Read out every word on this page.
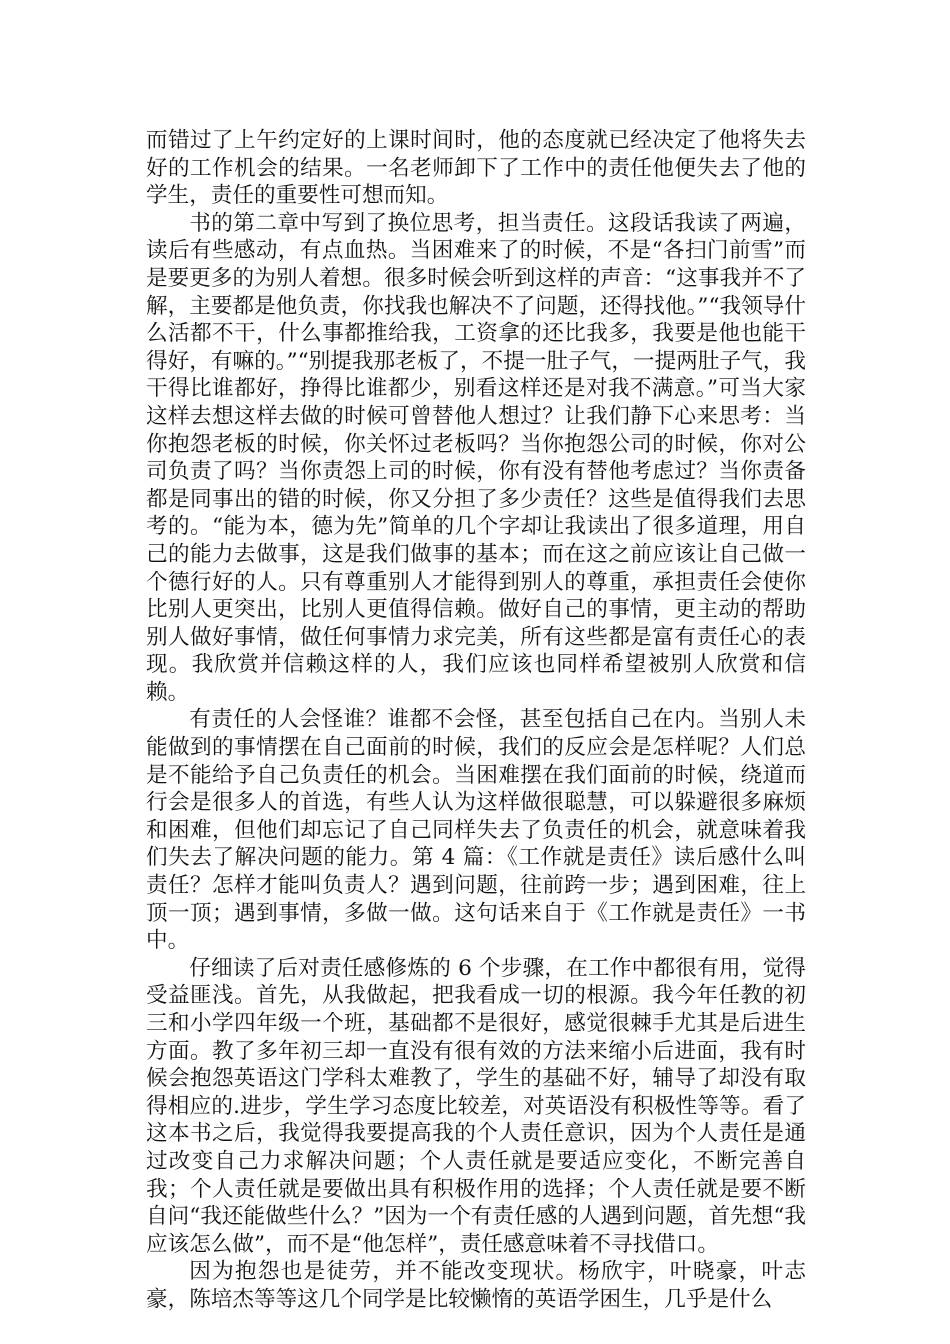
而错过了上午约定好的上课时间时，他的态度就已经决定了他将失去好的工作机会的结果。一名老师卸下了工作中的责任他便失去了他的学生，责任的重要性可想而知。

书的第二章中写到了换位思考，担当责任。这段话我读了两遍，读后有些感动，有点血热。当困难来了的时候，不是“各扫门前雪”而是要更多的为别人着想。很多时候会听到这样的声音：“这事我并不了解，主要都是他负责，你找我也解决不了问题，还得找他。”“我领导什么活都不干，什么事都推给我，工资拿的还比我多，我要是他也能干得好，有嘛的。”“别提我那老板了，不提一肚子气，一提两肚子气，我干得比谁都好，挣得比谁都少，别看这样还是对我不满意。”可当大家这样去想这样去做的时候可曾替他人想过？让我们静下心来思考：当你抱怨老板的时候，你关怀过老板吗？当你抱怨公司的时候，你对公司负责了吗？当你责怨上司的时候，你有没有替他考虑过？当你责备都是同事出的错的时候，你又分担了多少责任？这些是值得我们去思考的。“能为本，德为先”简单的几个字却让我读出了很多道理，用自己的能力去做事，这是我们做事的基本；而在这之前应该让自己做一个德行好的人。只有尊重别人才能得到别人的尊重，承担责任会使你比别人更突出，比别人更值得信赖。做好自己的事情，更主动的帮助别人做好事情，做任何事情力求完美，所有这些都是富有责任心的表现。我欣赏并信赖这样的人，我们应该也同样希望被别人欣赏和信赖。

有责任的人会怪谁？谁都不会怪，甚至包括自己在内。当别人未能做到的事情摆在自己面前的时候，我们的反应会是怎样呢？人们总是不能给予自己负责任的机会。当困难摆在我们面前的时候，绕道而行会是很多人的首选，有些人认为这样做很聪慧，可以躲避很多麻烦和困难，但他们却忘记了自己同样失去了负责任的机会，就意味着我们失去了解决问题的能力。第 4 篇：《工作就是责任》读后感什么叫责任？怎样才能叫负责人？遇到问题，往前跨一步；遇到困难，往上顶一顶；遇到事情，多做一做。这句话来自于《工作就是责任》一书中。

仔细读了后对责任感修炼的 6 个步骤，在工作中都很有用，觉得受益匪浅。首先，从我做起，把我看成一切的根源。我今年任教的初三和小学四年级一个班，基础都不是很好，感觉很棘手尤其是后进生方面。教了多年初三却一直没有很有效的方法来缩小后进面，我有时候会抱怨英语这门学科太难教了，学生的基础不好，辅导了却没有取得相应的.进步，学生学习态度比较差，对英语没有积极性等等。看了这本书之后，我觉得我要提高我的个人责任意识，因为个人责任是通过改变自己力求解决问题；个人责任就是要适应变化，不断完善自我；个人责任就是要做出具有积极作用的选择；个人责任就是要不断自问“我还能做些什么？”因为一个有责任感的人遇到问题，首先想“我应该怎么做”，而不是“他怎样”，责任感意味着不寻找借口。

因为抱怨也是徒劳，并不能改变现状。杨欣宇，叶晓豪，叶志豪，陈培杰等等这几个同学是比较懒惰的英语学困生，几乎是什么
